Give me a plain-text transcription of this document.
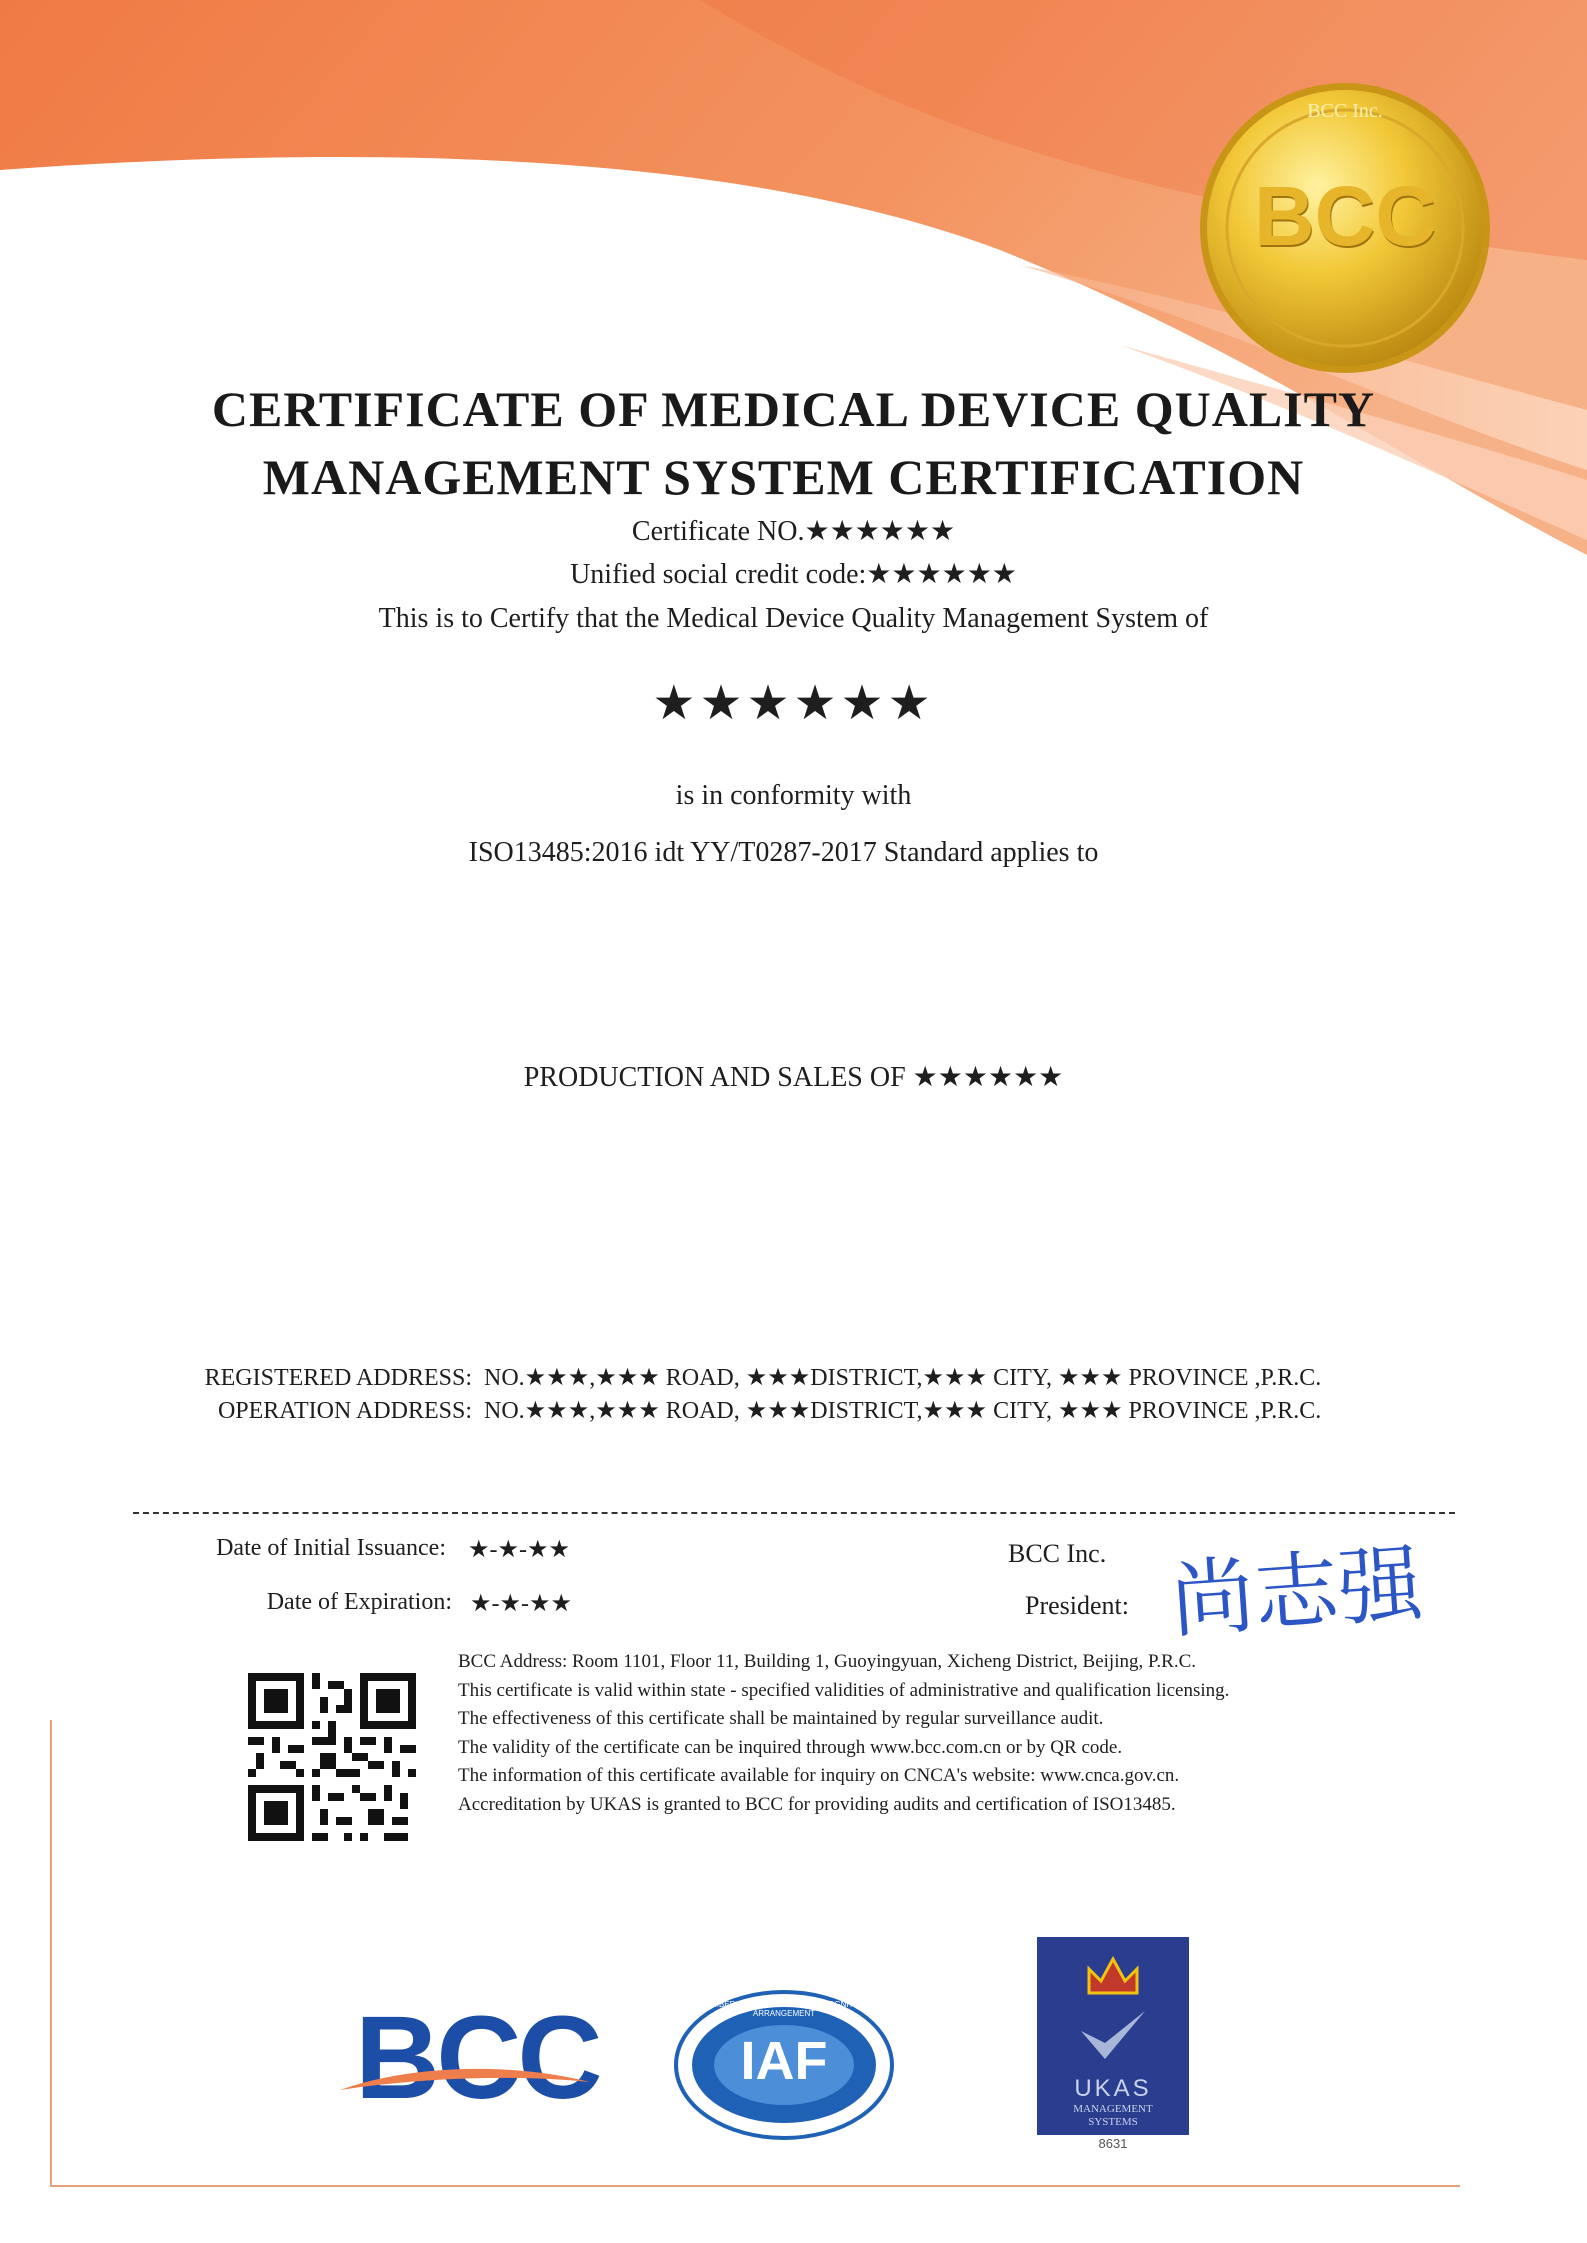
BCC
BCC Inc.
CERTIFICATE OF MEDICAL DEVICE QUALITY
MANAGEMENT SYSTEM CERTIFICATION
Certificate NO.★★★★★★
Unified social credit code:★★★★★★
This is to Certify that the Medical Device Quality Management System of
★★★★★★
is in conformity with
ISO13485:2016 idt YY/T0287-2017 Standard applies to
PRODUCTION AND SALES OF ★★★★★★
REGISTERED ADDRESS: NO.★★★,★★★ ROAD, ★★★DISTRICT,★★★ CITY, ★★★ PROVINCE ,P.R.C.
OPERATION ADDRESS: NO.★★★,★★★ ROAD, ★★★DISTRICT,★★★ CITY, ★★★ PROVINCE ,P.R.C.
Date of Initial Issuance: ★-★-★★
Date of Expiration: ★-★-★★
BCC Inc.
President: 尚志强
BCC Address: Room 1101, Floor 11, Building 1, Guoyingyuan, Xicheng District, Beijing, P.R.C.
This certificate is valid within state - specified validities of administrative and qualification licensing.
The effectiveness of this certificate shall be maintained by regular surveillance audit.
The validity of the certificate can be inquired through www.bcc.com.cn or by QR code.
The information of this certificate available for inquiry on CNCA's website: www.cnca.gov.cn.
Accreditation by UKAS is granted to BCC for providing audits and certification of ISO13485.
BCC	IAF
MEMBER OF MULTILATERAL RECOGNITION ARRANGEMENT
UKAS
MANAGEMENT
SYSTEMS
8631
